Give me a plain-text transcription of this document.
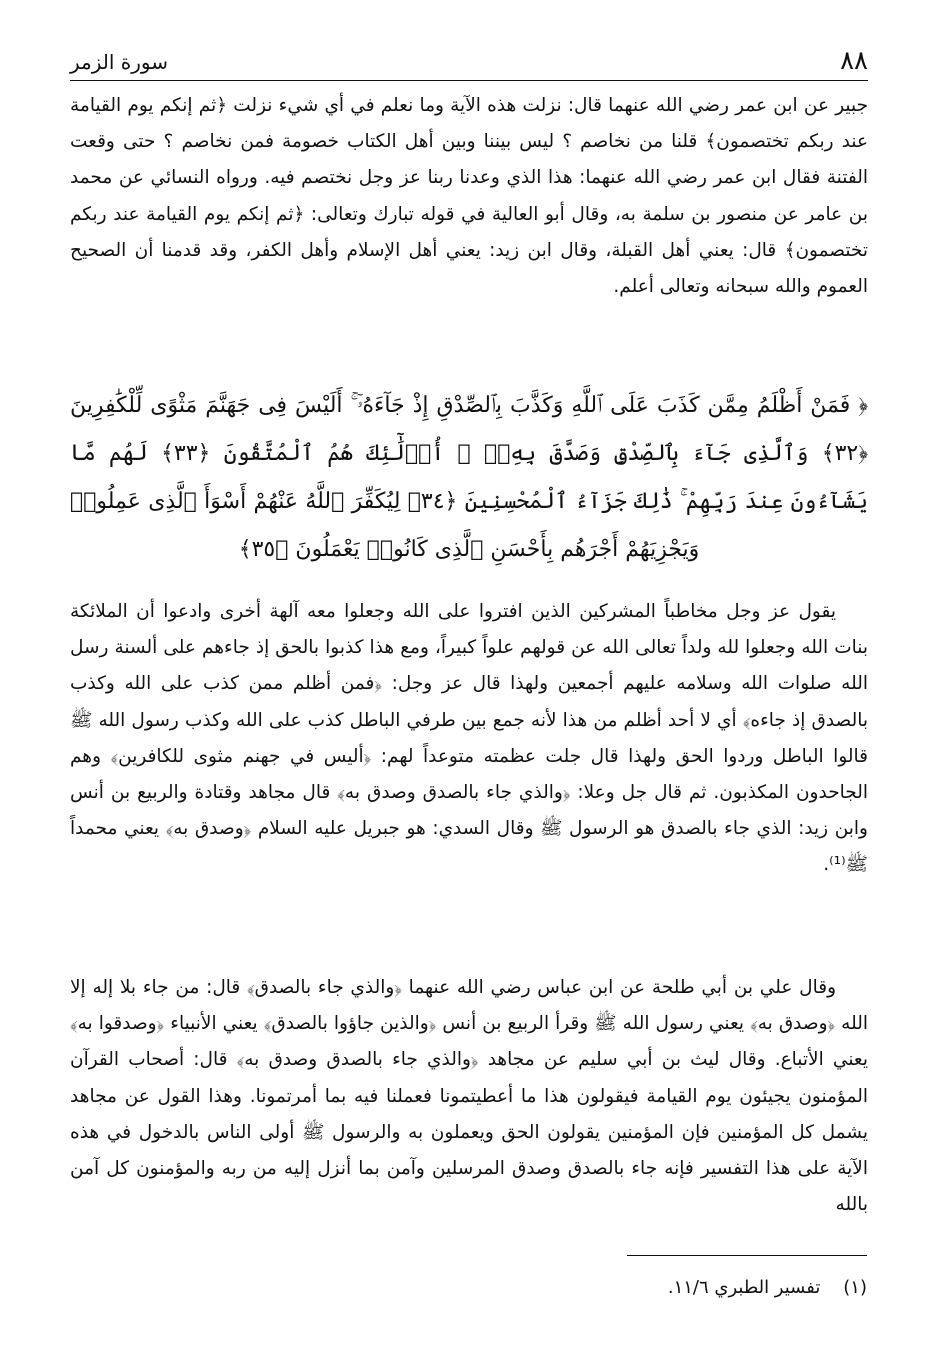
٨٨
سورة الزمر

جبير عن ابن عمر رضي الله عنهما قال: نزلت هذه الآية وما نعلم في أي شيء نزلت ﴿ثم إنكم يوم القيامة عند ربكم تختصمون﴾ قلنا من نخاصم ؟ ليس بيننا وبين أهل الكتاب خصومة فمن نخاصم ؟ حتى وقعت الفتنة فقال ابن عمر رضي الله عنهما: هذا الذي وعدنا ربنا عز وجل نختصم فيه. ورواه النسائي عن محمد بن عامر عن منصور بن سلمة به، وقال أبو العالية في قوله تبارك وتعالى: ﴿ثم إنكم يوم القيامة عند ربكم تختصمون﴾ قال: يعني أهل القبلة، وقال ابن زيد: يعني أهل الإسلام وأهل الكفر، وقد قدمنا أن الصحيح العموم والله سبحانه وتعالى أعلم.

﴿ فَمَنْ أَظْلَمُ مِمَّن كَذَبَ عَلَى ٱللَّهِ وَكَذَّبَ بِٱلصِّدْقِ إِذْ جَآءَهُۥٓ ۚ أَلَيْسَ فِى جَهَنَّمَ مَثْوًى لِّلْكَٰفِرِينَ ﴿٣٢﴾ وَٱلَّذِى جَآءَ بِٱلصِّدْقِ وَصَدَّقَ بِهِۦٓ ۙ أُو۟لَٰٓئِكَ هُمُ ٱلْمُتَّقُونَ ﴿٣٣﴾ لَهُم مَّا يَشَآءُونَ عِندَ رَبِّهِمْ ۚ ذَٰلِكَ جَزَآءُ ٱلْمُحْسِنِينَ ﴿٣٤﴾ لِيُكَفِّرَ ٱللَّهُ عَنْهُمْ أَسْوَأَ ٱلَّذِى عَمِلُوا۟ وَيَجْزِيَهُمْ أَجْرَهُم بِأَحْسَنِ ٱلَّذِى كَانُوا۟ يَعْمَلُونَ ﴿٣٥﴾

يقول عز وجل مخاطباً المشركين الذين افتروا على الله وجعلوا معه آلهة أخرى وادعوا أن الملائكة بنات الله وجعلوا لله ولداً تعالى الله عن قولهم علواً كبيراً، ومع هذا كذبوا بالحق إذ جاءهم على ألسنة رسل الله صلوات الله وسلامه عليهم أجمعين ولهذا قال عز وجل: ﴿فمن أظلم ممن كذب على الله وكذب بالصدق إذ جاءه﴾ أي لا أحد أظلم من هذا لأنه جمع بين طرفي الباطل كذب على الله وكذب رسول الله ﷺ قالوا الباطل وردوا الحق ولهذا قال جلت عظمته متوعداً لهم: ﴿أليس في جهنم مثوى للكافرين﴾ وهم الجاحدون المكذبون. ثم قال جل وعلا: ﴿والذي جاء بالصدق وصدق به﴾ قال مجاهد وقتادة والربيع بن أنس وابن زيد: الذي جاء بالصدق هو الرسول ﷺ وقال السدي: هو جبريل عليه السلام ﴿وصدق به﴾ يعني محمداً ﷺ⁽¹⁾.

وقال علي بن أبي طلحة عن ابن عباس رضي الله عنهما ﴿والذي جاء بالصدق﴾ قال: من جاء بلا إله إلا الله ﴿وصدق به﴾ يعني رسول الله ﷺ وقرأ الربيع بن أنس ﴿والذين جاؤوا بالصدق﴾ يعني الأنبياء ﴿وصدقوا به﴾ يعني الأتباع. وقال ليث بن أبي سليم عن مجاهد ﴿والذي جاء بالصدق وصدق به﴾ قال: أصحاب القرآن المؤمنون يجيئون يوم القيامة فيقولون هذا ما أعطيتمونا فعملنا فيه بما أمرتمونا. وهذا القول عن مجاهد يشمل كل المؤمنين فإن المؤمنين يقولون الحق ويعملون به والرسول ﷺ أولى الناس بالدخول في هذه الآية على هذا التفسير فإنه جاء بالصدق وصدق المرسلين وآمن بما أنزل إليه من ربه والمؤمنون كل آمن بالله

(١)    تفسير الطبري ١١/٦.
